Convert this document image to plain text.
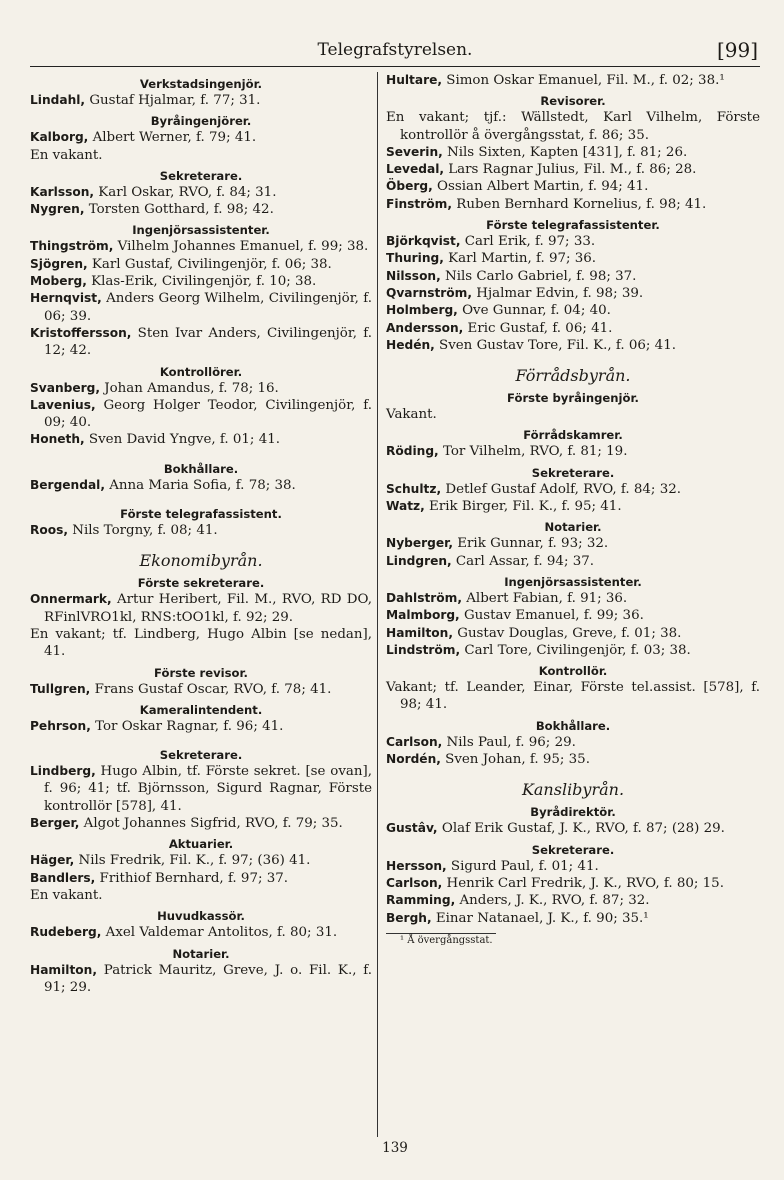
Telegrafstyrelsen.	[99]
Verkstadsingenjör.
Lindahl, Gustaf Hjalmar, f. 77; 31.
Byråingenjörer.
Kalborg, Albert Werner, f. 79; 41.
En vakant.
Sekreterare.
Karlsson, Karl Oskar, RVO, f. 84; 31.
Nygren, Torsten Gotthard, f. 98; 42.
Ingenjörsassistenter.
Thingström, Vilhelm Johannes Emanuel, f. 99; 38.
Sjögren, Karl Gustaf, Civilingenjör, f. 06; 38.
Moberg, Klas-Erik, Civilingenjör, f. 10; 38.
Hernqvist, Anders Georg Wilhelm, Civilingenjör, f. 06; 39.
Kristoffersson, Sten Ivar Anders, Civilingenjör, f. 12; 42.
Kontrollörer.
Svanberg, Johan Amandus, f. 78; 16.
Lavenius, Georg Holger Teodor, Civilingenjör, f. 09; 40.
Honeth, Sven David Yngve, f. 01; 41.
Bokhållare.
Bergendal, Anna Maria Sofia, f. 78; 38.
Förste telegrafassistent.
Roos, Nils Torgny, f. 08; 41.
Ekonomibyrån.
Förste sekreterare.
Onnermark, Artur Heribert, Fil. M., RVO, RD DO, RFinlVRO1kl, RNS:tOO1kl, f. 92; 29.
En vakant; tf. Lindberg, Hugo Albin [se nedan], 41.
Förste revisor.
Tullgren, Frans Gustaf Oscar, RVO, f. 78; 41.
Kameralintendent.
Pehrson, Tor Oskar Ragnar, f. 96; 41.
Sekreterare.
Lindberg, Hugo Albin, tf. Förste sekret. [se ovan], f. 96; 41; tf. Björnsson, Sigurd Ragnar, Förste kontrollör [578], 41.
Berger, Algot Johannes Sigfrid, RVO, f. 79; 35.
Aktuarier.
Häger, Nils Fredrik, Fil. K., f. 97; (36) 41.
Bandlers, Frithiof Bernhard, f. 97; 37.
En vakant.
Huvudkassör.
Rudeberg, Axel Valdemar Antolitos, f. 80; 31.
Notarier.
Hamilton, Patrick Mauritz, Greve, J. o. Fil. K., f. 91; 29.
Hultare, Simon Oskar Emanuel, Fil. M., f. 02; 38.¹
Revisorer.
En vakant; tjf.: Wällstedt, Karl Vilhelm, Förste kontrollör å övergångsstat, f. 86; 35.
Severin, Nils Sixten, Kapten [431], f. 81; 26.
Levedal, Lars Ragnar Julius, Fil. M., f. 86; 28.
Öberg, Ossian Albert Martin, f. 94; 41.
Finström, Ruben Bernhard Kornelius, f. 98; 41.
Förste telegrafassistenter.
Björkqvist, Carl Erik, f. 97; 33.
Thuring, Karl Martin, f. 97; 36.
Nilsson, Nils Carlo Gabriel, f. 98; 37.
Qvarnström, Hjalmar Edvin, f. 98; 39.
Holmberg, Ove Gunnar, f. 04; 40.
Andersson, Eric Gustaf, f. 06; 41.
Hedén, Sven Gustav Tore, Fil. K., f. 06; 41.
Förrådsbyrån.
Förste byråingenjör.
Vakant.
Förrådskamrer.
Röding, Tor Vilhelm, RVO, f. 81; 19.
Sekreterare.
Schultz, Detlef Gustaf Adolf, RVO, f. 84; 32.
Watz, Erik Birger, Fil. K., f. 95; 41.
Notarier.
Nyberger, Erik Gunnar, f. 93; 32.
Lindgren, Carl Assar, f. 94; 37.
Ingenjörsassistenter.
Dahlström, Albert Fabian, f. 91; 36.
Malmborg, Gustav Emanuel, f. 99; 36.
Hamilton, Gustav Douglas, Greve, f. 01; 38.
Lindström, Carl Tore, Civilingenjör, f. 03; 38.
Kontrollör.
Vakant; tf. Leander, Einar, Förste tel.assist. [578], f. 98; 41.
Bokhållare.
Carlson, Nils Paul, f. 96; 29.
Nordén, Sven Johan, f. 95; 35.
Kanslibyrån.
Byrådirektör.
Gustâv, Olaf Erik Gustaf, J. K., RVO, f. 87; (28) 29.
Sekreterare.
Hersson, Sigurd Paul, f. 01; 41.
Carlson, Henrik Carl Fredrik, J. K., RVO, f. 80; 15.
Ramming, Anders, J. K., RVO, f. 87; 32.
Bergh, Einar Natanael, J. K., f. 90; 35.¹
¹ Å övergångsstat.
139
